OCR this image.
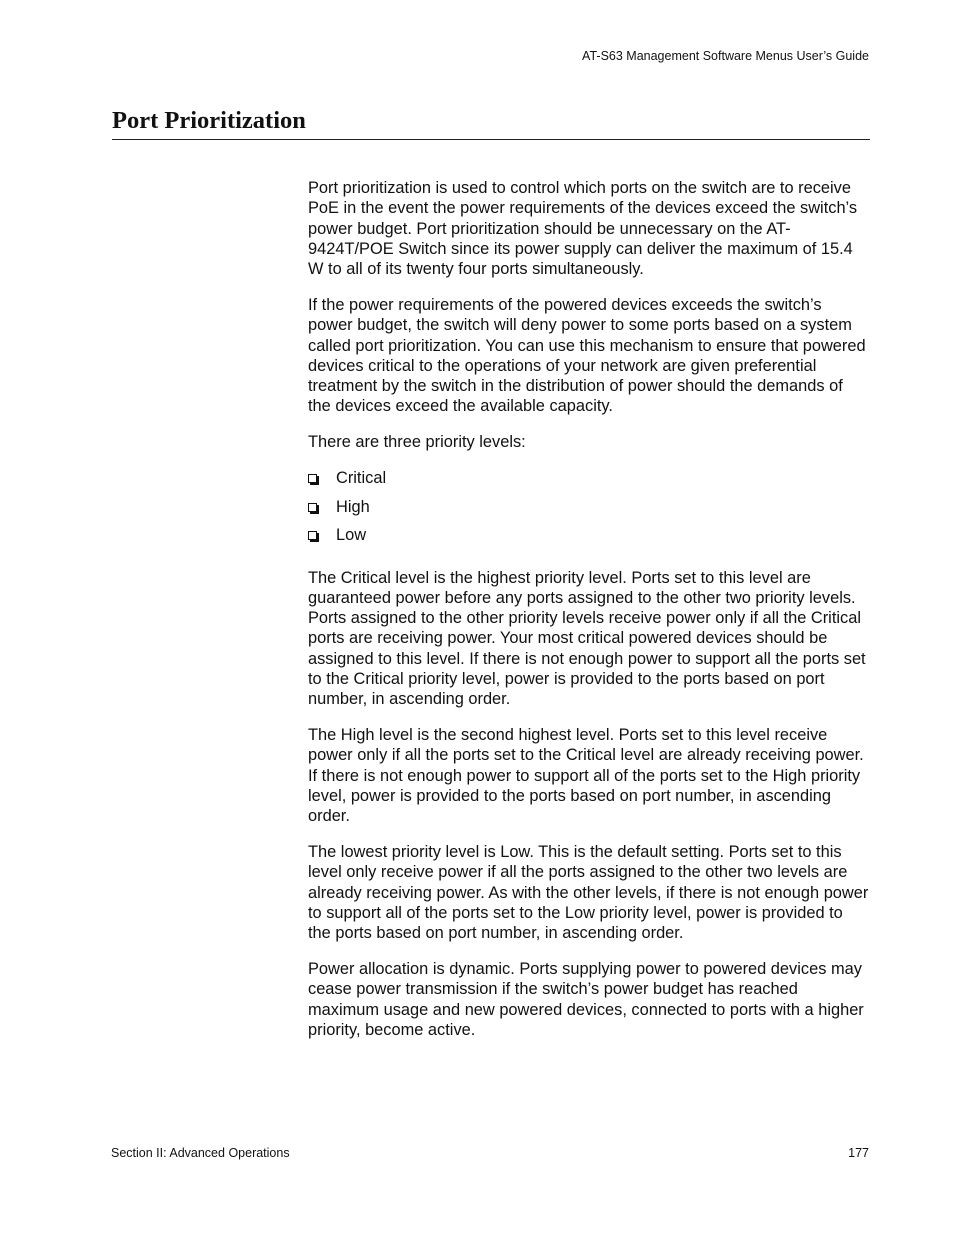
AT-S63 Management Software Menus User’s Guide
Port Prioritization

Port prioritization is used to control which ports on the switch are to receive PoE in the event the power requirements of the devices exceed the switch’s power budget. Port prioritization should be unnecessary on the AT-9424T/POE Switch since its power supply can deliver the maximum of 15.4 W to all of its twenty four ports simultaneously.

If the power requirements of the powered devices exceeds the switch’s power budget, the switch will deny power to some ports based on a system called port prioritization. You can use this mechanism to ensure that powered devices critical to the operations of your network are given preferential treatment by the switch in the distribution of power should the demands of the devices exceed the available capacity.

There are three priority levels:

Critical
High
Low

The Critical level is the highest priority level. Ports set to this level are guaranteed power before any ports assigned to the other two priority levels. Ports assigned to the other priority levels receive power only if all the Critical ports are receiving power. Your most critical powered devices should be assigned to this level. If there is not enough power to support all the ports set to the Critical priority level, power is provided to the ports based on port number, in ascending order.

The High level is the second highest level. Ports set to this level receive power only if all the ports set to the Critical level are already receiving power. If there is not enough power to support all of the ports set to the High priority level, power is provided to the ports based on port number, in ascending order.

The lowest priority level is Low. This is the default setting. Ports set to this level only receive power if all the ports assigned to the other two levels are already receiving power. As with the other levels, if there is not enough power to support all of the ports set to the Low priority level, power is provided to the ports based on port number, in ascending order.

Power allocation is dynamic. Ports supplying power to powered devices may cease power transmission if the switch’s power budget has reached maximum usage and new powered devices, connected to ports with a higher priority, become active.

Section II: Advanced Operations	177
